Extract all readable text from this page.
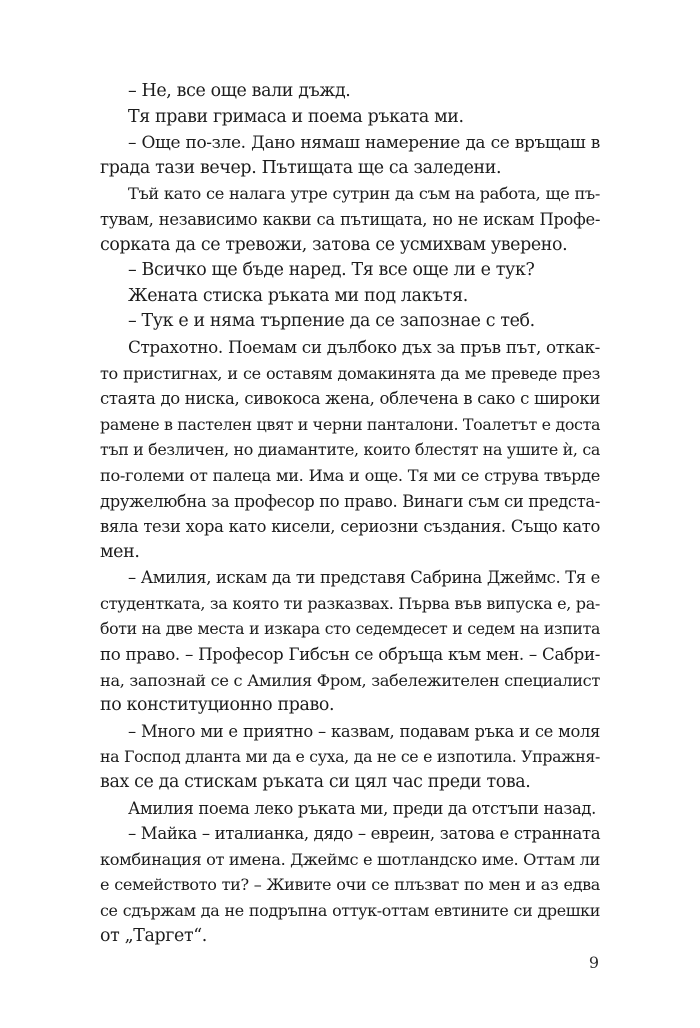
– Не, все още вали дъжд.
Тя прави гримаса и поема ръката ми.
– Още по-зле. Дано нямаш намерение да се връщаш в
града тази вечер. Пътищата ще са заледени.
Тъй като се налага утре сутрин да съм на работа, ще пъ-
тувам, независимо какви са пътищата, но не искам Профе-
сорката да се тревожи, затова се усмихвам уверено.
– Всичко ще бъде наред. Тя все още ли е тук?
Жената стиска ръката ми под лакътя.
– Тук е и няма търпение да се запознае с теб.
Страхотно. Поемам си дълбоко дъх за пръв път, откак-
то пристигнах, и се оставям домакинята да ме преведе през
стаята до ниска, сивокоса жена, облечена в сако с широки
рамене в пастелен цвят и черни панталони. Тоалетът е доста
тъп и безличен, но диамантите, които блестят на ушите ѝ, са
по-големи от палеца ми. Има и още. Тя ми се струва твърде
дружелюбна за професор по право. Винаги съм си предста-
вяла тези хора като кисели, сериозни създания. Също като
мен.
– Амилия, искам да ти представя Сабрина Джеймс. Тя е
студентката, за която ти разказвах. Първа във випуска е, ра-
боти на две места и изкара сто седемдесет и седем на изпита
по право. – Професор Гибсън се обръща към мен. – Сабри-
на, запознай се с Амилия Фром, забележителен специалист
по конституционно право.
– Много ми е приятно – казвам, подавам ръка и се моля
на Господ дланта ми да е суха, да не се е изпотила. Упражня-
вах се да стискам ръката си цял час преди това.
Амилия поема леко ръката ми, преди да отстъпи назад.
– Майка – италианка, дядо – евреин, затова е странната
комбинация от имена. Джеймс е шотландско име. Оттам ли
е семейството ти? – Живите очи се плъзват по мен и аз едва
се сдържам да не подръпна оттук-оттам евтините си дрешки
от „Таргет“.
9
